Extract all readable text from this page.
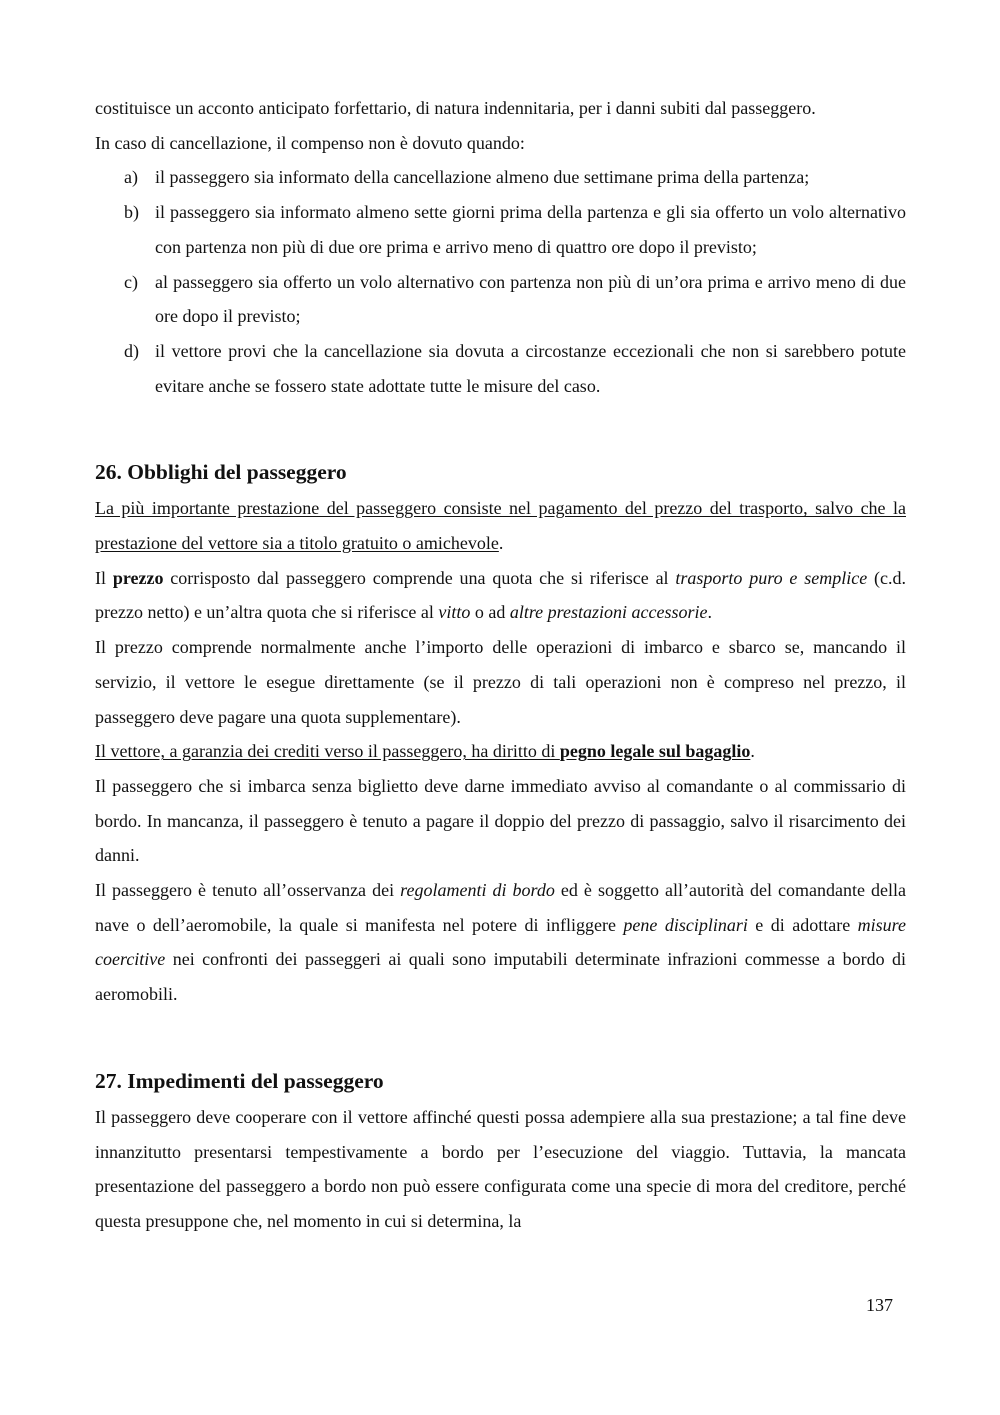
costituisce un acconto anticipato forfettario, di natura indennitaria, per i danni subiti dal passeggero.

In caso di cancellazione, il compenso non è dovuto quando:

a) il passeggero sia informato della cancellazione almeno due settimane prima della partenza;
b) il passeggero sia informato almeno sette giorni prima della partenza e gli sia offerto un volo alternativo con partenza non più di due ore prima e arrivo meno di quattro ore dopo il previsto;
c) al passeggero sia offerto un volo alternativo con partenza non più di un’ora prima e arrivo meno di due ore dopo il previsto;
d) il vettore provi che la cancellazione sia dovuta a circostanze eccezionali che non si sarebbero potute evitare anche se fossero state adottate tutte le misure del caso.
26. Obblighi del passeggero

La più importante prestazione del passeggero consiste nel pagamento del prezzo del trasporto, salvo che la prestazione del vettore sia a titolo gratuito o amichevole.

Il prezzo corrisposto dal passeggero comprende una quota che si riferisce al trasporto puro e semplice (c.d. prezzo netto) e un’altra quota che si riferisce al vitto o ad altre prestazioni accessorie.

Il prezzo comprende normalmente anche l’importo delle operazioni di imbarco e sbarco se, mancando il servizio, il vettore le esegue direttamente (se il prezzo di tali operazioni non è compreso nel prezzo, il passeggero deve pagare una quota supplementare).

Il vettore, a garanzia dei crediti verso il passeggero, ha diritto di pegno legale sul bagaglio.

Il passeggero che si imbarca senza biglietto deve darne immediato avviso al comandante o al commissario di bordo. In mancanza, il passeggero è tenuto a pagare il doppio del prezzo di passaggio, salvo il risarcimento dei danni.

Il passeggero è tenuto all’osservanza dei regolamenti di bordo ed è soggetto all’autorità del comandante della nave o dell’aeromobile, la quale si manifesta nel potere di infliggere pene disciplinari e di adottare misure coercitive nei confronti dei passeggeri ai quali sono imputabili determinate infrazioni commesse a bordo di aeromobili.

27. Impedimenti del passeggero

Il passeggero deve cooperare con il vettore affinché questi possa adempiere alla sua prestazione; a tal fine deve innanzitutto presentarsi tempestivamente a bordo per l’esecuzione del viaggio. Tuttavia, la mancata presentazione del passeggero a bordo non può essere configurata come una specie di mora del creditore, perché questa presuppone che, nel momento in cui si determina, la

137
